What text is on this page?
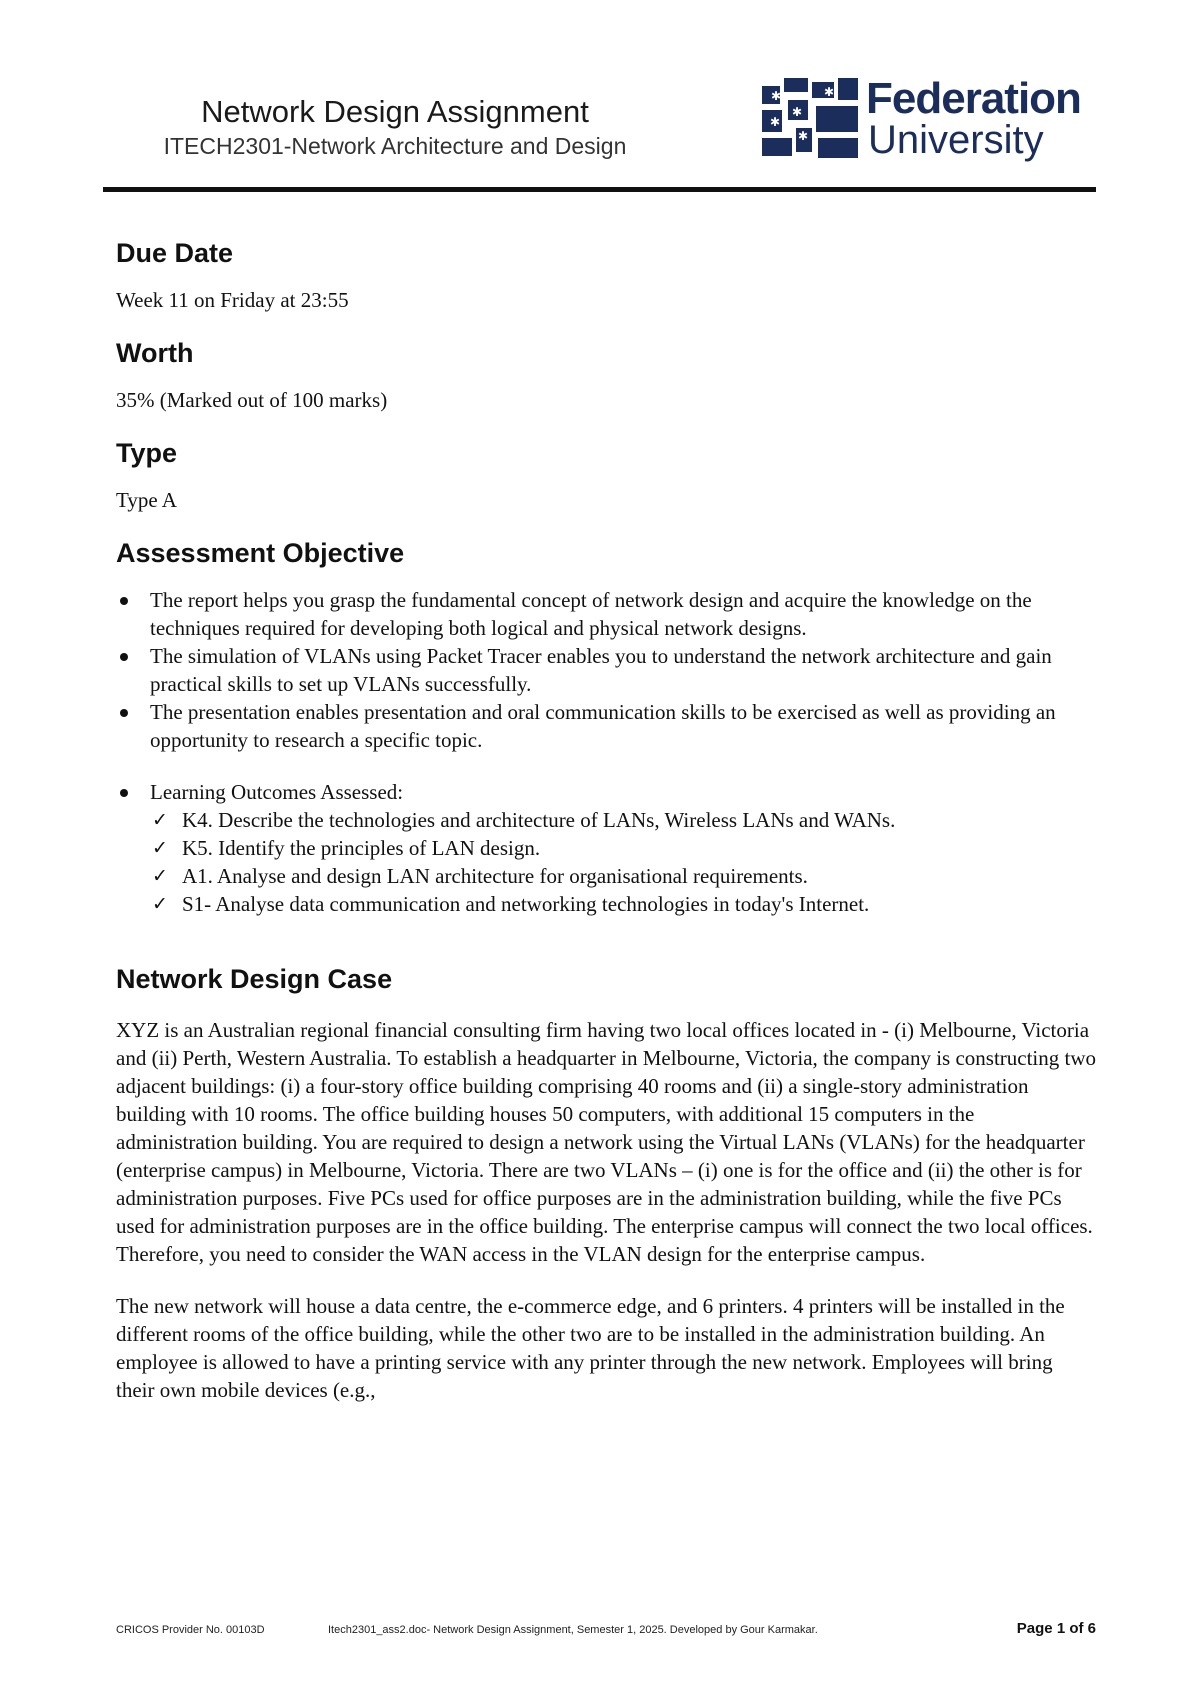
Network Design Assignment
ITECH2301-Network Architecture and Design
✱
✱
✱
✱
✱ Federation
University
Due Date

Week 11 on Friday at 23:55

Worth

35% (Marked out of 100 marks)

Type

Type A

Assessment Objective
The report helps you grasp the fundamental concept of network design and acquire the knowledge on the techniques required for developing both logical and physical network designs.
The simulation of VLANs using Packet Tracer enables you to understand the network architecture and gain practical skills to set up VLANs successfully.
The presentation enables presentation and oral communication skills to be exercised as well as providing an opportunity to research a specific topic.
Learning Outcomes Assessed:
✓ K4. Describe the technologies and architecture of LANs, Wireless LANs and WANs.
✓ K5. Identify the principles of LAN design.
✓ A1. Analyse and design LAN architecture for organisational requirements.
✓ S1- Analyse data communication and networking technologies in today's Internet.
Network Design Case

XYZ is an Australian regional financial consulting firm having two local offices located in - (i) Melbourne, Victoria and (ii) Perth, Western Australia. To establish a headquarter in Melbourne, Victoria, the company is constructing two adjacent buildings: (i) a four-story office building comprising 40 rooms and (ii) a single-story administration building with 10 rooms. The office building houses 50 computers, with additional 15 computers in the administration building. You are required to design a network using the Virtual LANs (VLANs) for the headquarter (enterprise campus) in Melbourne, Victoria. There are two VLANs – (i) one is for the office and (ii) the other is for administration purposes. Five PCs used for office purposes are in the administration building, while the five PCs used for administration purposes are in the office building. The enterprise campus will connect the two local offices. Therefore, you need to consider the WAN access in the VLAN design for the enterprise campus.

The new network will house a data centre, the e-commerce edge, and 6 printers. 4 printers will be installed in the different rooms of the office building, while the other two are to be installed in the administration building. An employee is allowed to have a printing service with any printer through the new network. Employees will bring their own mobile devices (e.g.,

CRICOS Provider No. 00103D	Itech2301_ass2.doc- Network Design Assignment, Semester 1, 2025. Developed by Gour Karmakar.	Page 1 of 6
